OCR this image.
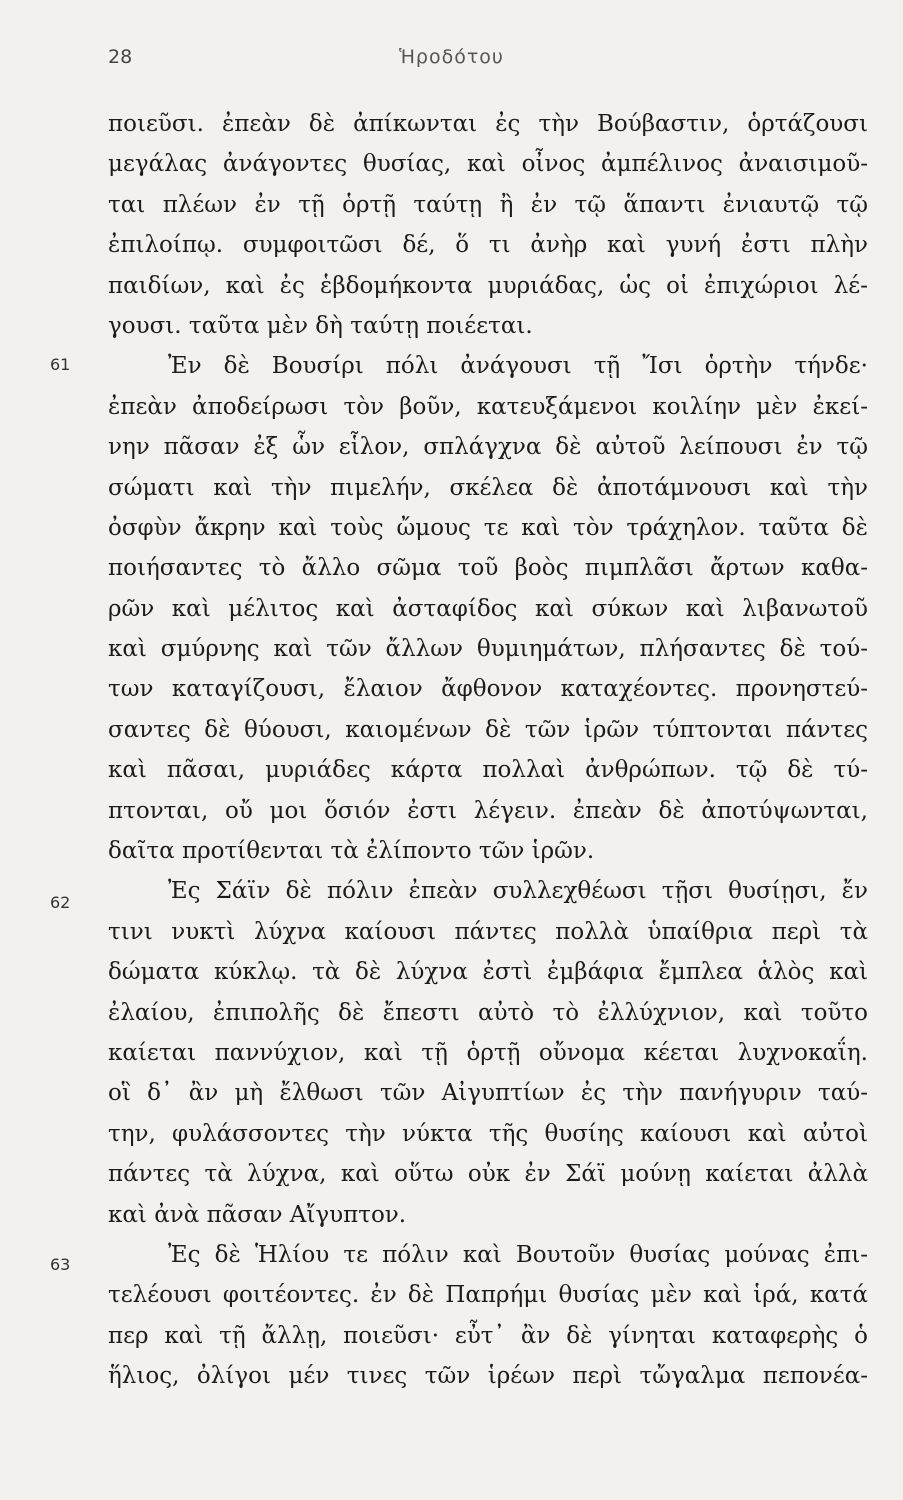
28	Ἡροδότου
61
62
63
ποιεῦσι. ἐπεὰν δὲ ἀπίκωνται ἐς τὴν Βούβαστιν, ὁρτάζουσι
μεγάλας ἀνάγοντες θυσίας, καὶ οἶνος ἀμπέλινος ἀναισιμοῦ-
ται πλέων ἐν τῇ ὁρτῇ ταύτῃ ἢ ἐν τῷ ἅπαντι ἐνιαυτῷ τῷ
ἐπιλοίπῳ. συμφοιτῶσι δέ, ὅ τι ἀνὴρ καὶ γυνή ἐστι πλὴν
παιδίων, καὶ ἐς ἑβδομήκοντα μυριάδας, ὡς οἱ ἐπιχώριοι λέ-
γουσι. ταῦτα μὲν δὴ ταύτῃ ποιέεται.
Ἐν δὲ Βουσίρι πόλι ἀνάγουσι τῇ Ἴσι ὁρτὴν τήνδε·
ἐπεὰν ἀποδείρωσι τὸν βοῦν, κατευξάμενοι κοιλίην μὲν ἐκεί-
νην πᾶσαν ἐξ ὧν εἷλον, σπλάγχνα δὲ αὐτοῦ λείπουσι ἐν τῷ
σώματι καὶ τὴν πιμελήν, σκέλεα δὲ ἀποτάμνουσι καὶ τὴν
ὀσφὺν ἄκρην καὶ τοὺς ὤμους τε καὶ τὸν τράχηλον. ταῦτα δὲ
ποιήσαντες τὸ ἄλλο σῶμα τοῦ βοὸς πιμπλᾶσι ἄρτων καθα-
ρῶν καὶ μέλιτος καὶ ἀσταφίδος καὶ σύκων καὶ λιβανωτοῦ
καὶ σμύρνης καὶ τῶν ἄλλων θυμιημάτων, πλήσαντες δὲ τού-
των καταγίζουσι, ἔλαιον ἄφθονον καταχέοντες. προνηστεύ-
σαντες δὲ θύουσι, καιομένων δὲ τῶν ἱρῶν τύπτονται πάντες
καὶ πᾶσαι, μυριάδες κάρτα πολλαὶ ἀνθρώπων. τῷ δὲ τύ-
πτονται, οὔ μοι ὅσιόν ἐστι λέγειν. ἐπεὰν δὲ ἀποτύψωνται,
δαῖτα προτίθενται τὰ ἐλίποντο τῶν ἱρῶν.
Ἐς Σάϊν δὲ πόλιν ἐπεὰν συλλεχθέωσι τῇσι θυσίῃσι, ἔν
τινι νυκτὶ λύχνα καίουσι πάντες πολλὰ ὑπαίθρια περὶ τὰ
δώματα κύκλῳ. τὰ δὲ λύχνα ἐστὶ ἐμβάφια ἔμπλεα ἁλὸς καὶ
ἐλαίου, ἐπιπολῆς δὲ ἔπεστι αὐτὸ τὸ ἐλλύχνιον, καὶ τοῦτο
καίεται παννύχιον, καὶ τῇ ὁρτῇ οὔνομα κέεται λυχνοκαΐη.
οἳ δ᾽ ἂν μὴ ἔλθωσι τῶν Αἰγυπτίων ἐς τὴν πανήγυριν ταύ-
την, φυλάσσοντες τὴν νύκτα τῆς θυσίης καίουσι καὶ αὐτοὶ
πάντες τὰ λύχνα, καὶ οὕτω οὐκ ἐν Σάϊ μούνῃ καίεται ἀλλὰ
καὶ ἀνὰ πᾶσαν Αἴγυπτον.
Ἐς δὲ Ἡλίου τε πόλιν καὶ Βουτοῦν θυσίας μούνας ἐπι-
τελέουσι φοιτέοντες. ἐν δὲ Παπρήμι θυσίας μὲν καὶ ἱρά, κατά
περ καὶ τῇ ἄλλῃ, ποιεῦσι· εὖτ᾽ ἂν δὲ γίνηται καταφερὴς ὁ
ἥλιος, ὀλίγοι μέν τινες τῶν ἱρέων περὶ τὤγαλμα πεπονέα-
